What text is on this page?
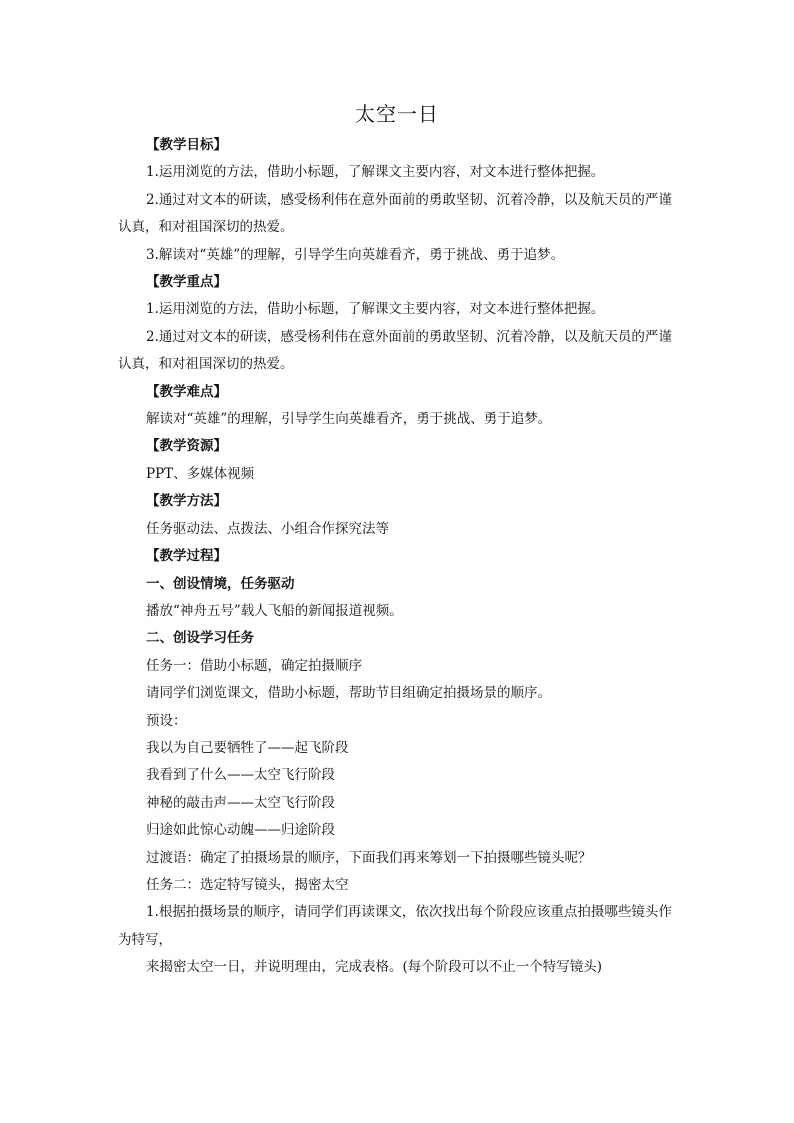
太空一日
【教学目标】
1.运用浏览的方法，借助小标题，了解课文主要内容，对文本进行整体把握。
2.通过对文本的研读，感受杨利伟在意外面前的勇敢坚韧、沉着冷静，以及航天员的严谨认真，和对祖国深切的热爱。
3.解读对“英雄”的理解，引导学生向英雄看齐，勇于挑战、勇于追梦。
【教学重点】
1.运用浏览的方法，借助小标题，了解课文主要内容，对文本进行整体把握。
2.通过对文本的研读，感受杨利伟在意外面前的勇敢坚韧、沉着冷静，以及航天员的严谨认真，和对祖国深切的热爱。
【教学难点】
解读对“英雄”的理解，引导学生向英雄看齐，勇于挑战、勇于追梦。
【教学资源】
PPT、多媒体视频
【教学方法】
任务驱动法、点拨法、小组合作探究法等
【教学过程】
一、创设情境，任务驱动
播放“神舟五号”载人飞船的新闻报道视频。
二、创设学习任务
任务一：借助小标题，确定拍摄顺序
请同学们浏览课文，借助小标题，帮助节目组确定拍摄场景的顺序。
预设：
我以为自己要牺牲了——起飞阶段
我看到了什么——太空飞行阶段
神秘的敲击声——太空飞行阶段
归途如此惊心动魄——归途阶段
过渡语：确定了拍摄场景的顺序，下面我们再来筹划一下拍摄哪些镜头呢？
任务二：选定特写镜头，揭密太空
1.根据拍摄场景的顺序，请同学们再读课文，依次找出每个阶段应该重点拍摄哪些镜头作为特写，
来揭密太空一日，并说明理由，完成表格。(每个阶段可以不止一个特写镜头)
